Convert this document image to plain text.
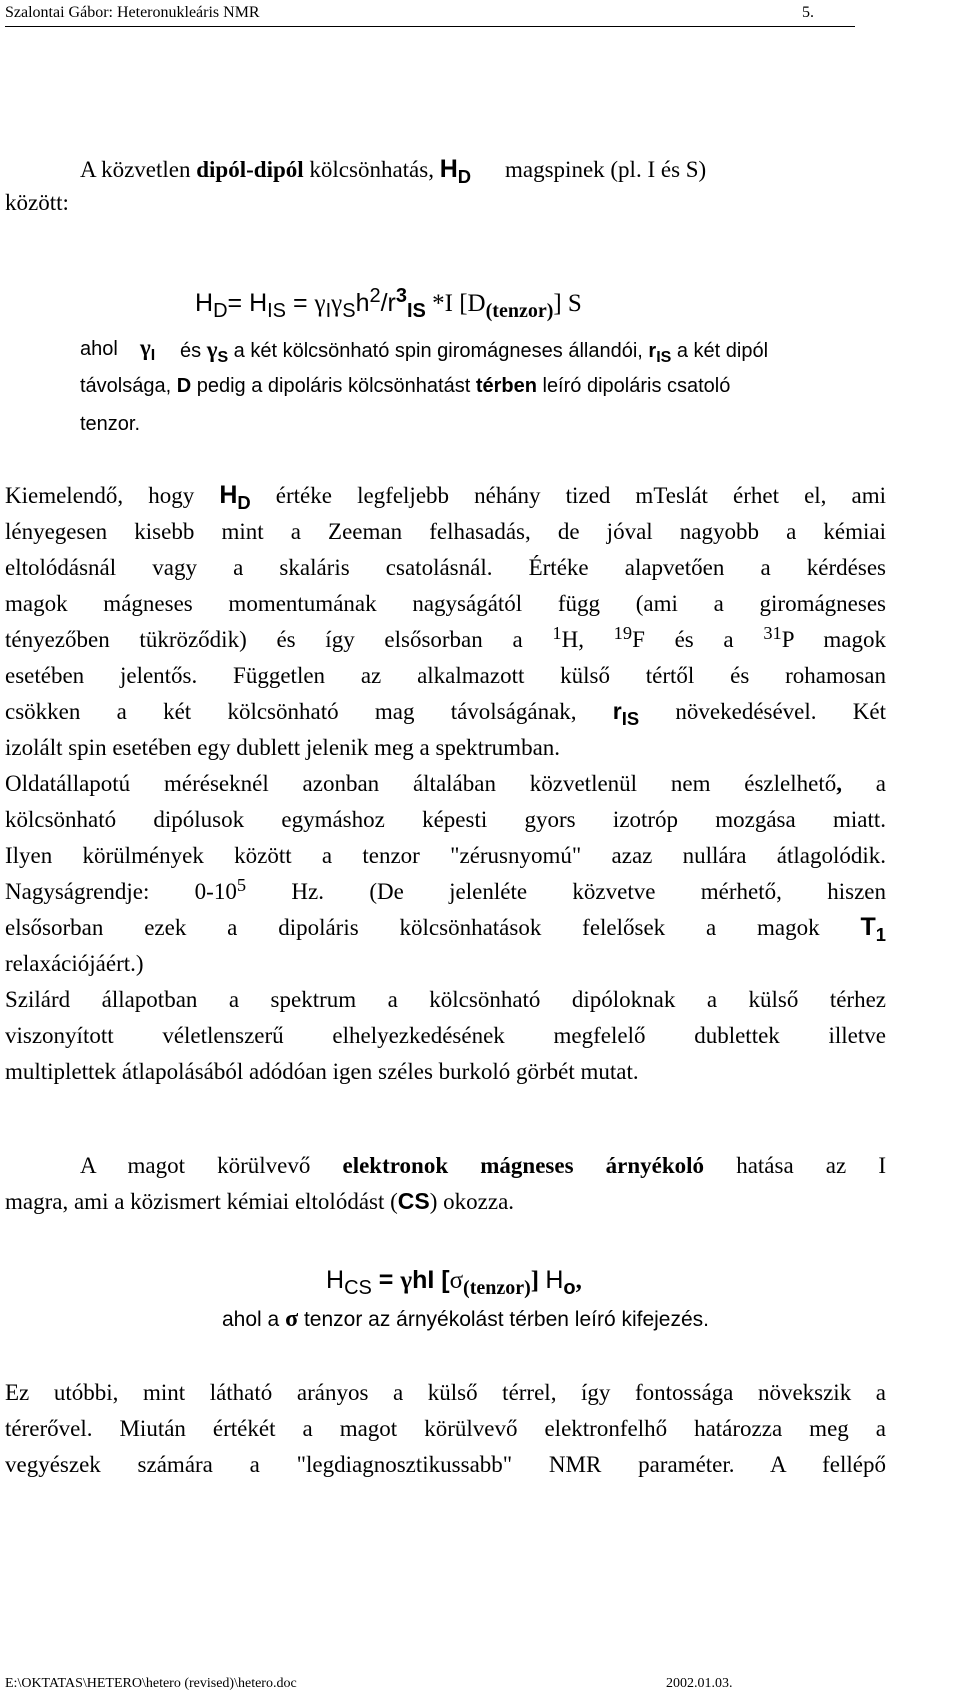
Szalontai Gábor: Heteronukleáris NMR	5.
A közvetlen dipól-dipól kölcsönhatás, $H_D$ magspinek (pl. I és S)
között:
$H_D= H_{IS} = \gamma_I\gamma_Sh^2/r^3_{IS}$ *I $[D_{(tenzor)}]$ S
ahol $\gamma_I$ és $\gamma_S$ a két kölcsönható spin giromágneses állandói, $r_{IS}$ a két dipól
távolsága, D pedig a dipoláris kölcsönhatást térben leíró dipoláris csatoló
tenzor.
Kiemelendő, hogy $H_D$ értéke legfeljebb néhány tized mTeslát érhet el, ami
lényegesen kisebb mint a Zeeman felhasadás, de jóval nagyobb a kémiai
eltolódásnál vagy a skaláris csatolásnál. Értéke alapvetően a kérdéses
magok mágneses momentumának nagyságától függ (ami a giromágneses
tényezőben tükröződik) és így elsősorban a $^1$H, $^{19}$F és a $^{31}$P magok
esetében jelentős. Független az alkalmazott külső tértől és rohamosan
csökken a két kölcsönható mag távolságának, $r_{IS}$ növekedésével. Két
izolált spin esetében egy dublett jelenik meg a spektrumban.
Oldatállapotú méréseknél azonban általában közvetlenül nem észlelhető, a
kölcsönható dipólusok egymáshoz képesti gyors izotróp mozgása miatt.
Ilyen körülmények között a tenzor "zérusnyomú" azaz nullára átlagolódik.
Nagyságrendje: $0-10^5$ Hz. (De jelenléte közvetve mérhető, hiszen
elsősorban ezek a dipoláris kölcsönhatások felelősek a magok $T_1$
relaxációjáért.)
Szilárd állapotban a spektrum a kölcsönható dipóloknak a külső térhez
viszonyított véletlenszerű elhelyezkedésének megfelelő dublettek illetve
multiplettek átlapolásából adódóan igen széles burkoló görbét mutat.
A magot körülvevő elektronok mágneses árnyékoló hatása az I
magra, ami a közismert kémiai eltolódást (CS) okozza.
$H_{CS} = \gamma hI$ $[\sigma_{(tenzor)}]$ $H_o$,
ahol a σ tenzor az árnyékolást térben leíró kifejezés.
Ez utóbbi, mint látható arányos a külső térrel, így fontossága növekszik a
térerővel. Miután értékét a magot körülvevő elektronfelhő határozza meg a
vegyészek számára a "legdiagnosztikussabb" NMR paraméter. A fellépő
E:\OKTATAS\HETERO\hetero (revised)\hetero.doc	2002.01.03.
